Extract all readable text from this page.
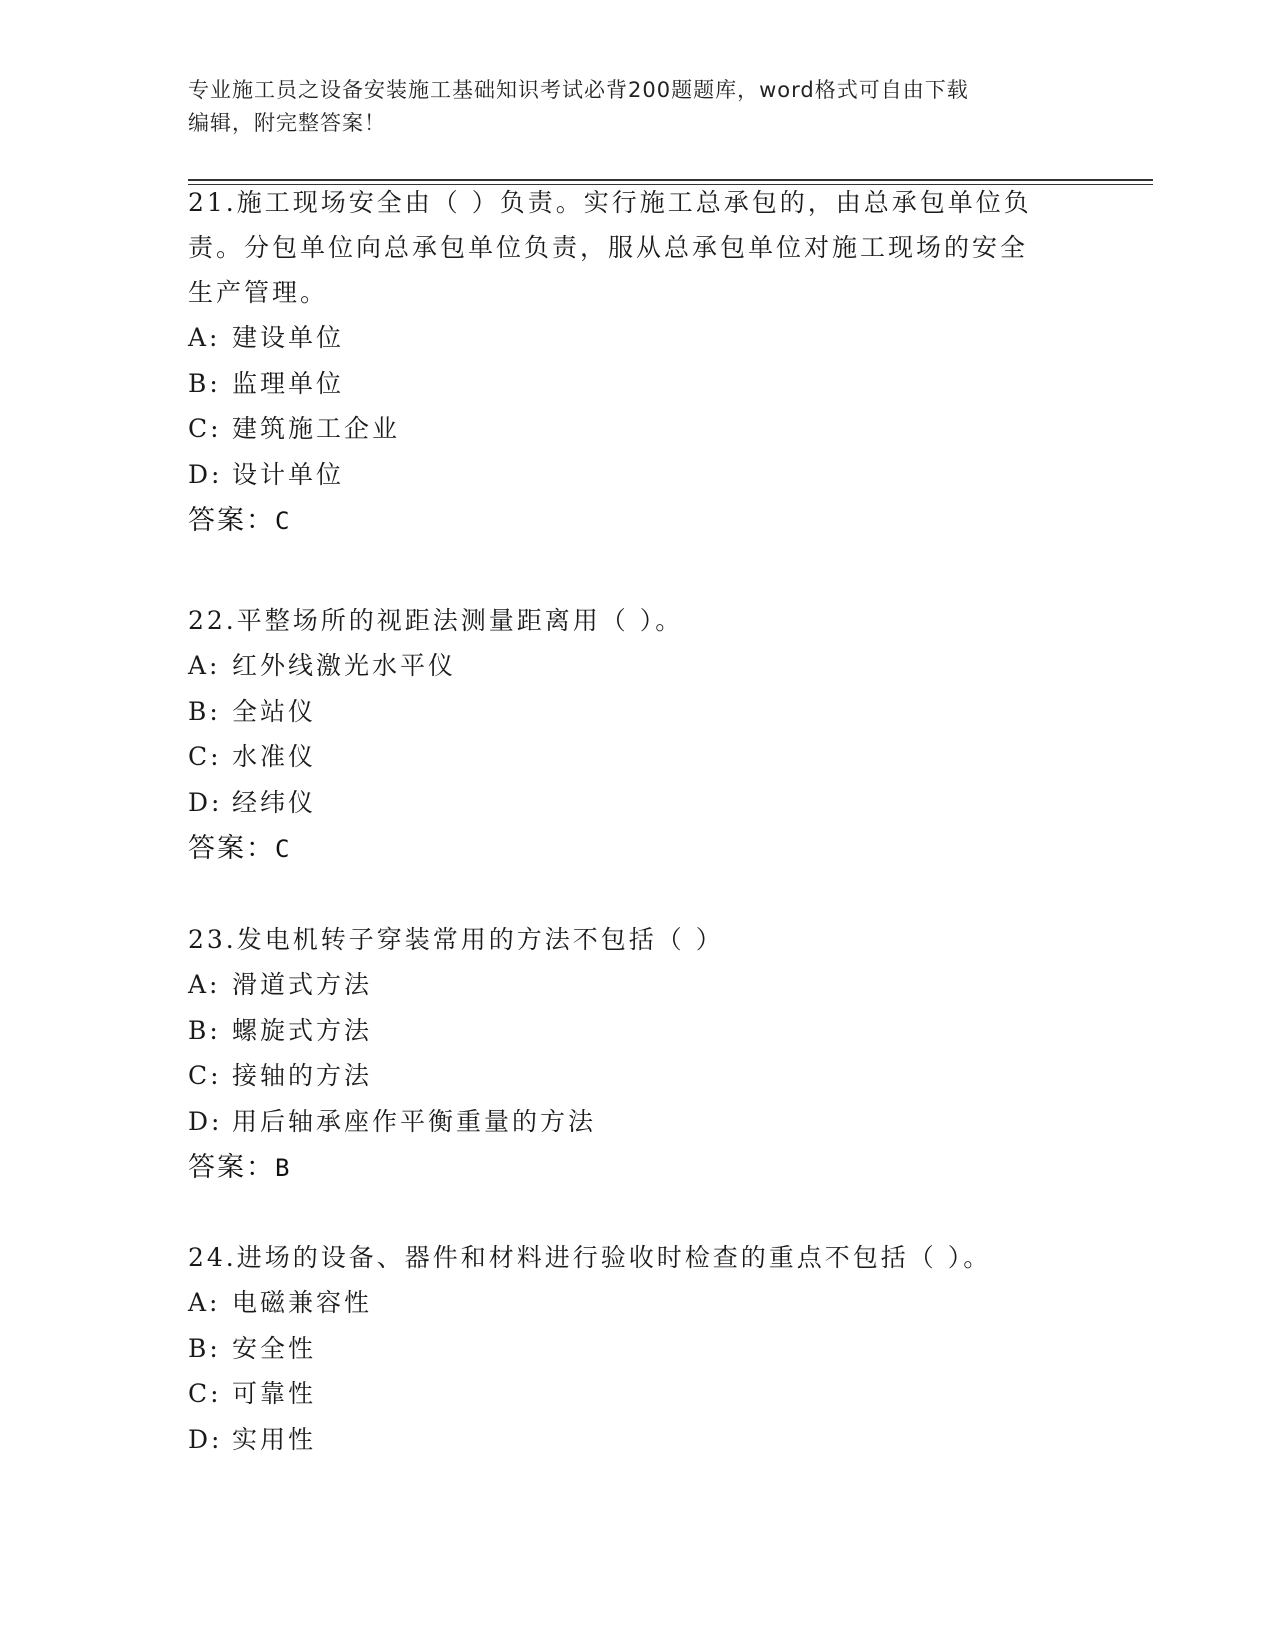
专业施工员之设备安装施工基础知识考试必背200题题库，word格式可自由下载
编辑，附完整答案！
21.施工现场安全由（ ）负责。实行施工总承包的，由总承包单位负
责。分包单位向总承包单位负责，服从总承包单位对施工现场的安全
生产管理。
A: 建设单位
B: 监理单位
C: 建筑施工企业
D: 设计单位
答案：C
22.平整场所的视距法测量距离用（ ）。
A: 红外线激光水平仪
B: 全站仪
C: 水准仪
D: 经纬仪
答案：C
23.发电机转子穿装常用的方法不包括（ ）
A: 滑道式方法
B: 螺旋式方法
C: 接轴的方法
D: 用后轴承座作平衡重量的方法
答案：B
24.进场的设备、器件和材料进行验收时检查的重点不包括（ ）。
A: 电磁兼容性
B: 安全性
C: 可靠性
D: 实用性
